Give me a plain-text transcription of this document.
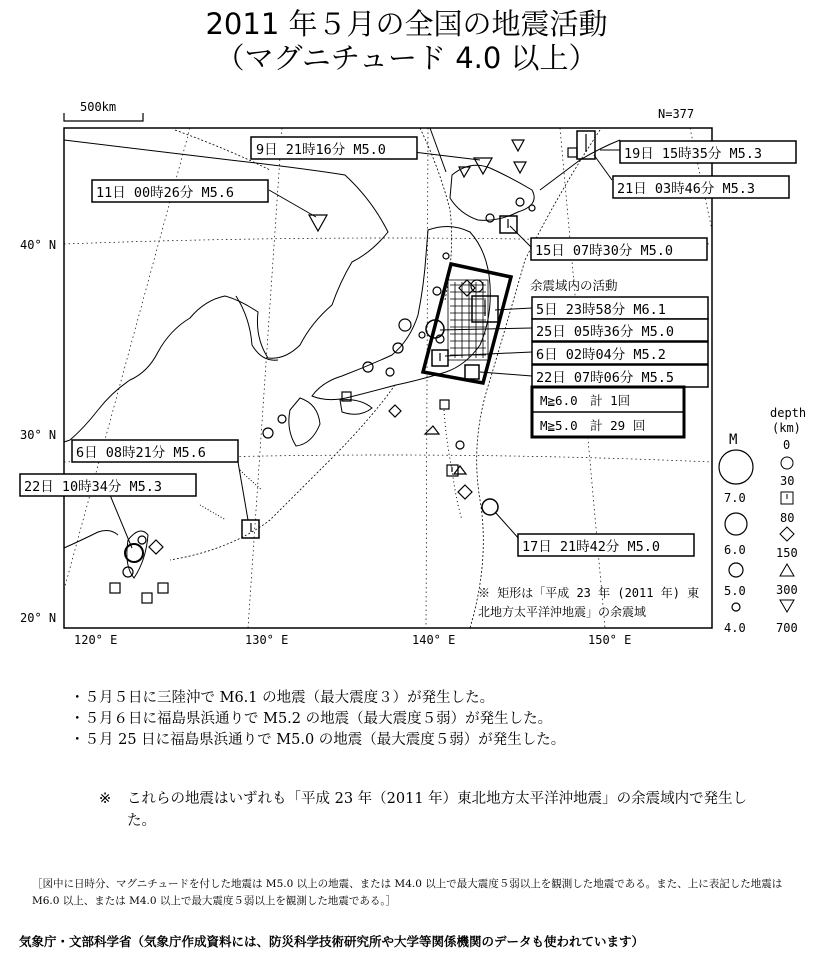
2011 年５月の全国の地震活動
（マグニチュード 4.0 以上）
500km	N=377
9日 21時16分 M5.0	19日 15時35分 M5.3
11日 00時26分 M5.6	21日 03時46分 M5.3
15日 07時30分 M5.0
余震域内の活動
5日 23時58分 M6.1
25日 05時36分 M5.0
6日 02時04分 M5.2
22日 07時06分 M5.5
M≧6.0　計 1回
M≧5.0　計 29 回
6日 08時21分 M5.6
22日 10時34分 M5.3
17日 21時42分 M5.0
※ 矩形は「平成 23 年 (2011 年) 東
北地方太平洋沖地震」の余震域
40° N
30° N
20° N
120° E	130° E	140° E	150° E
M
7.0
6.0
5.0
4.0
depth
(km)
0
30
80
150
300
700
・５月５日に三陸沖で M6.1 の地震（最大震度３）が発生した。
・５月６日に福島県浜通りで M5.2 の地震（最大震度５弱）が発生した。
・５月 25 日に福島県浜通りで M5.0 の地震（最大震度５弱）が発生した。
※ これらの地震はいずれも「平成 23 年（2011 年）東北地方太平洋沖地震」の余震域内で発生した。
［図中に日時分、マグニチュードを付した地震は M5.0 以上の地震、または M4.0 以上で最大震度５弱以上を観測した地震である。また、上に表記した地震は M6.0 以上、または M4.0 以上で最大震度５弱以上を観測した地震である。］
気象庁・文部科学省（気象庁作成資料には、防災科学技術研究所や大学等関係機関のデータも使われています）
